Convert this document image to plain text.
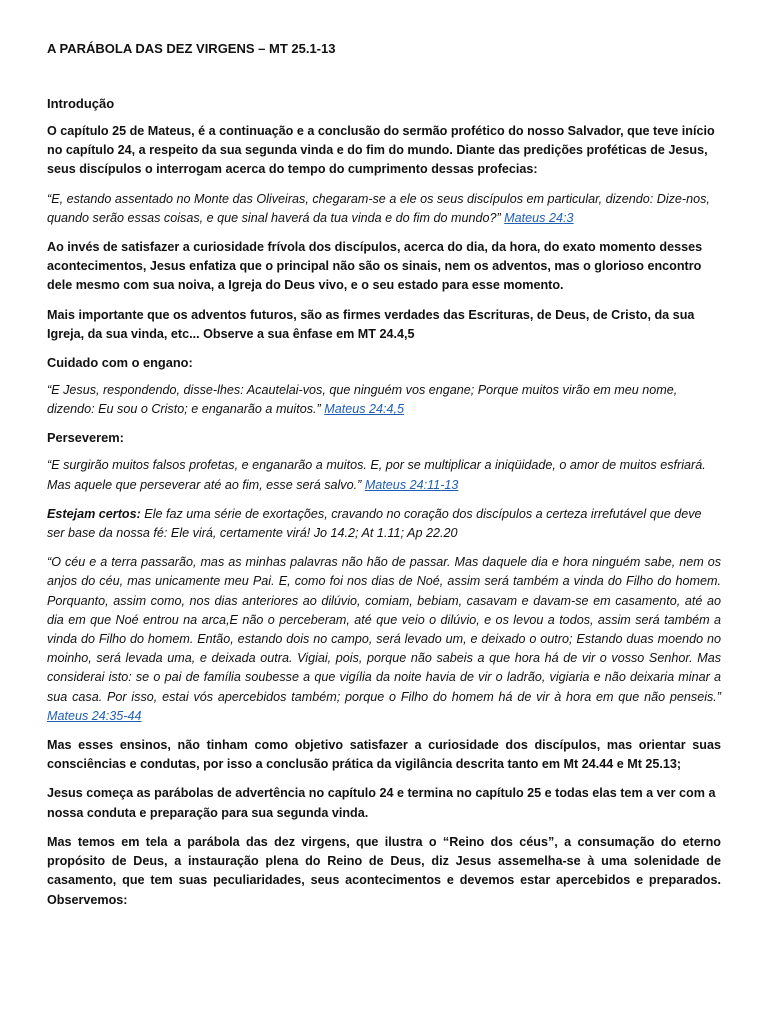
A PARÁBOLA DAS DEZ VIRGENS – MT 25.1-13
Introdução

O capítulo 25 de Mateus, é a continuação e a conclusão do sermão profético do nosso Salvador, que teve início no capítulo 24, a respeito da sua segunda vinda e do fim do mundo. Diante das predições proféticas de Jesus, seus discípulos o interrogam acerca do tempo do cumprimento dessas profecias:

“E, estando assentado no Monte das Oliveiras, chegaram-se a ele os seus discípulos em particular, dizendo: Dize-nos, quando serão essas coisas, e que sinal haverá da tua vinda e do fim do mundo?” Mateus 24:3

Ao invés de satisfazer a curiosidade frívola dos discípulos, acerca do dia, da hora, do exato momento desses acontecimentos, Jesus enfatiza que o principal não são os sinais, nem os adventos, mas o glorioso encontro dele mesmo com sua noiva, a Igreja do Deus vivo, e o seu estado para esse momento.

Mais importante que os adventos futuros, são as firmes verdades das Escrituras, de Deus, de Cristo, da sua Igreja, da sua vinda, etc... Observe a sua ênfase em MT 24.4,5

Cuidado com o engano:

“E Jesus, respondendo, disse-lhes: Acautelai-vos, que ninguém vos engane; Porque muitos virão em meu nome, dizendo: Eu sou o Cristo; e enganarão a muitos.” Mateus 24:4,5

Perseverem:

“E surgirão muitos falsos profetas, e enganarão a muitos. E, por se multiplicar a iniqüidade, o amor de muitos esfriará. Mas aquele que perseverar até ao fim, esse será salvo.” Mateus 24:11-13

Estejam certos: Ele faz uma série de exortações, cravando no coração dos discípulos a certeza irrefutável que deve ser base da nossa fé: Ele virá, certamente virá! Jo 14.2; At 1.11; Ap 22.20

“O céu e a terra passarão, mas as minhas palavras não hão de passar. Mas daquele dia e hora ninguém sabe, nem os anjos do céu, mas unicamente meu Pai. E, como foi nos dias de Noé, assim será também a vinda do Filho do homem. Porquanto, assim como, nos dias anteriores ao dilúvio, comiam, bebiam, casavam e davam-se em casamento, até ao dia em que Noé entrou na arca,E não o perceberam, até que veio o dilúvio, e os levou a todos, assim será também a vinda do Filho do homem. Então, estando dois no campo, será levado um, e deixado o outro; Estando duas moendo no moinho, será levada uma, e deixada outra. Vigiai, pois, porque não sabeis a que hora há de vir o vosso Senhor. Mas considerai isto: se o pai de família soubesse a que vigília da noite havia de vir o ladrão, vigiaria e não deixaria minar a sua casa. Por isso, estai vós apercebidos também; porque o Filho do homem há de vir à hora em que não penseis.” Mateus 24:35-44

Mas esses ensinos, não tinham como objetivo satisfazer a curiosidade dos discípulos, mas orientar suas consciências e condutas, por isso a conclusão prática da vigilância descrita tanto em Mt 24.44 e Mt 25.13;

Jesus começa as parábolas de advertência no capítulo 24 e termina no capítulo 25 e todas elas tem a ver com a nossa conduta e preparação para sua segunda vinda.

Mas temos em tela a parábola das dez virgens, que ilustra o “Reino dos céus”, a consumação do eterno propósito de Deus, a instauração plena do Reino de Deus, diz Jesus assemelha-se à uma solenidade de casamento, que tem suas peculiaridades, seus acontecimentos e devemos estar apercebidos e preparados. Observemos:
